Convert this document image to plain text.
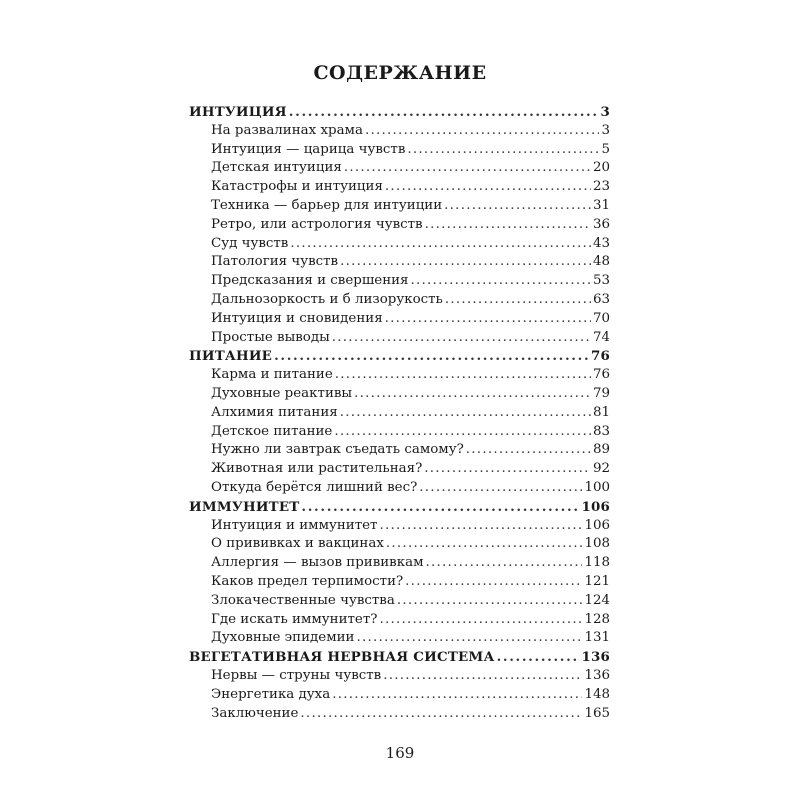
СОДЕРЖАНИЕ
ИНТУИЦИЯ . . .	3
На развалинах храма . . .	3
Интуиция — царица чувств . . .	5
Детская интуиция . . .	20
Катастрофы и интуиция . . .	23
Техника — барьер для интуиции . . .	31
Ретро, или астрология чувств . . .	36
Суд чувств . . .	43
Патология чувств . . .	48
Предсказания и свершения . . .	53
Дальнозоркость и б лизорукость . . .	63
Интуиция и сновидения . . .	70
Простые выводы . . .	74
ПИТАНИЕ . . .	76
Карма и питание . . .	76
Духовные реактивы . . .	79
Алхимия питания . . .	81
Детское питание . . .	83
Нужно ли завтрак съедать самому? . . .	89
Животная или растительная? . . .	92
Откуда берётся лишний вес? . . .	100
ИММУНИТЕТ . . .	106
Интуиция и иммунитет . . .	106
О прививках и вакцинах . . .	108
Аллергия — вызов прививкам . . .	118
Каков предел терпимости? . . .	121
Злокачественные чувства . . .	124
Где искать иммунитет? . . .	128
Духовные эпидемии . . .	131
ВЕГЕТАТИВНАЯ НЕРВНАЯ СИСТЕМА . . .	136
Нервы — струны чувств . . .	136
Энергетика духа . . .	148
Заключение . . .	165
169
